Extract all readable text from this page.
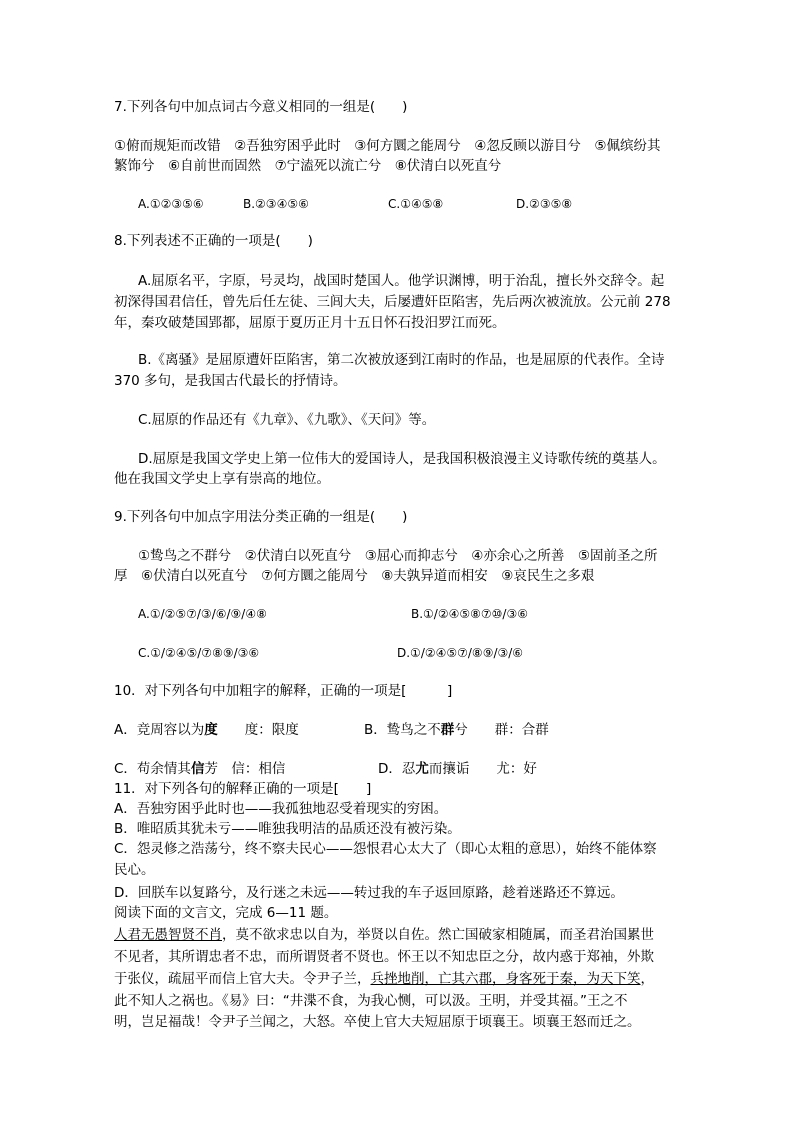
7.下列各句中加点词古今意义相同的一组是(　　)
①俯而规矩而改错　②吾独穷困乎此时　③何方圜之能周兮　④忽反顾以游目兮　⑤佩缤纷其
繁饰兮　⑥自前世而固然　⑦宁溘死以流亡兮　⑧伏清白以死直兮
A.①②③⑤⑥	B.②③④⑤⑥	C.①④⑤⑧	D.②③⑤⑧
8.下列表述不正确的一项是(　　)
A.屈原名平，字原，号灵均，战国时楚国人。他学识渊博，明于治乱，擅长外交辞令。起
初深得国君信任，曾先后任左徒、三闾大夫，后屡遭奸臣陷害，先后两次被流放。公元前 278
年，秦攻破楚国郢都，屈原于夏历正月十五日怀石投汨罗江而死。
B.《离骚》是屈原遭奸臣陷害，第二次被放逐到江南时的作品，也是屈原的代表作。全诗
370 多句，是我国古代最长的抒情诗。
C.屈原的作品还有《九章》、《九歌》、《天问》等。
D.屈原是我国文学史上第一位伟大的爱国诗人，是我国积极浪漫主义诗歌传统的奠基人。
他在我国文学史上享有崇高的地位。
9.下列各句中加点字用法分类正确的一组是(　　)
①鸷鸟之不群兮　②伏清白以死直兮　③屈心而抑志兮　④亦余心之所善　⑤固前圣之所
厚　⑥伏清白以死直兮　⑦何方圜之能周兮　⑧夫孰异道而相安　⑨哀民生之多艰
A.①/②⑤⑦/③/⑥/⑨/④⑧	B.①/②④⑤⑧⑦⑩/③⑥
C.①/②④⑤/⑦⑧⑨/③⑥	D.①/②④⑤⑦/⑧⑨/③/⑥
10．对下列各句中加粗字的解释，正确的一项是[　　　]
A．竞周容以为度　　度：限度	B．鸷鸟之不群兮　　群：合群
C．苟余情其信芳　信：相信	D．忍尤而攘诟　　尤：好
11．对下列各句的解释正确的一项是[　　]
A．吾独穷困乎此时也——我孤独地忍受着现实的穷困。
B．唯昭质其犹未亏——唯独我明洁的品质还没有被污染。
C．怨灵修之浩荡兮，终不察夫民心——怨恨君心太大了（即心太粗的意思），始终不能体察
民心。
D．回朕车以复路兮，及行迷之未远——转过我的车子返回原路，趁着迷路还不算远。
阅读下面的文言文，完成 6—11 题。
人君无愚智贤不肖，莫不欲求忠以自为，举贤以自佐。然亡国破家相随属，而圣君治国累世
不见者，其所谓忠者不忠，而所谓贤者不贤也。怀王以不知忠臣之分，故内惑于郑袖，外欺
于张仪，疏屈平而信上官大夫。令尹子兰，兵挫地削，亡其六郡，身客死于秦，为天下笑，
此不知人之祸也。《易》曰：“井渫不食，为我心恻，可以汲。王明，并受其福。”王之不
明，岂足福哉！令尹子兰闻之，大怒。卒使上官大夫短屈原于顷襄王。顷襄王怒而迁之。
